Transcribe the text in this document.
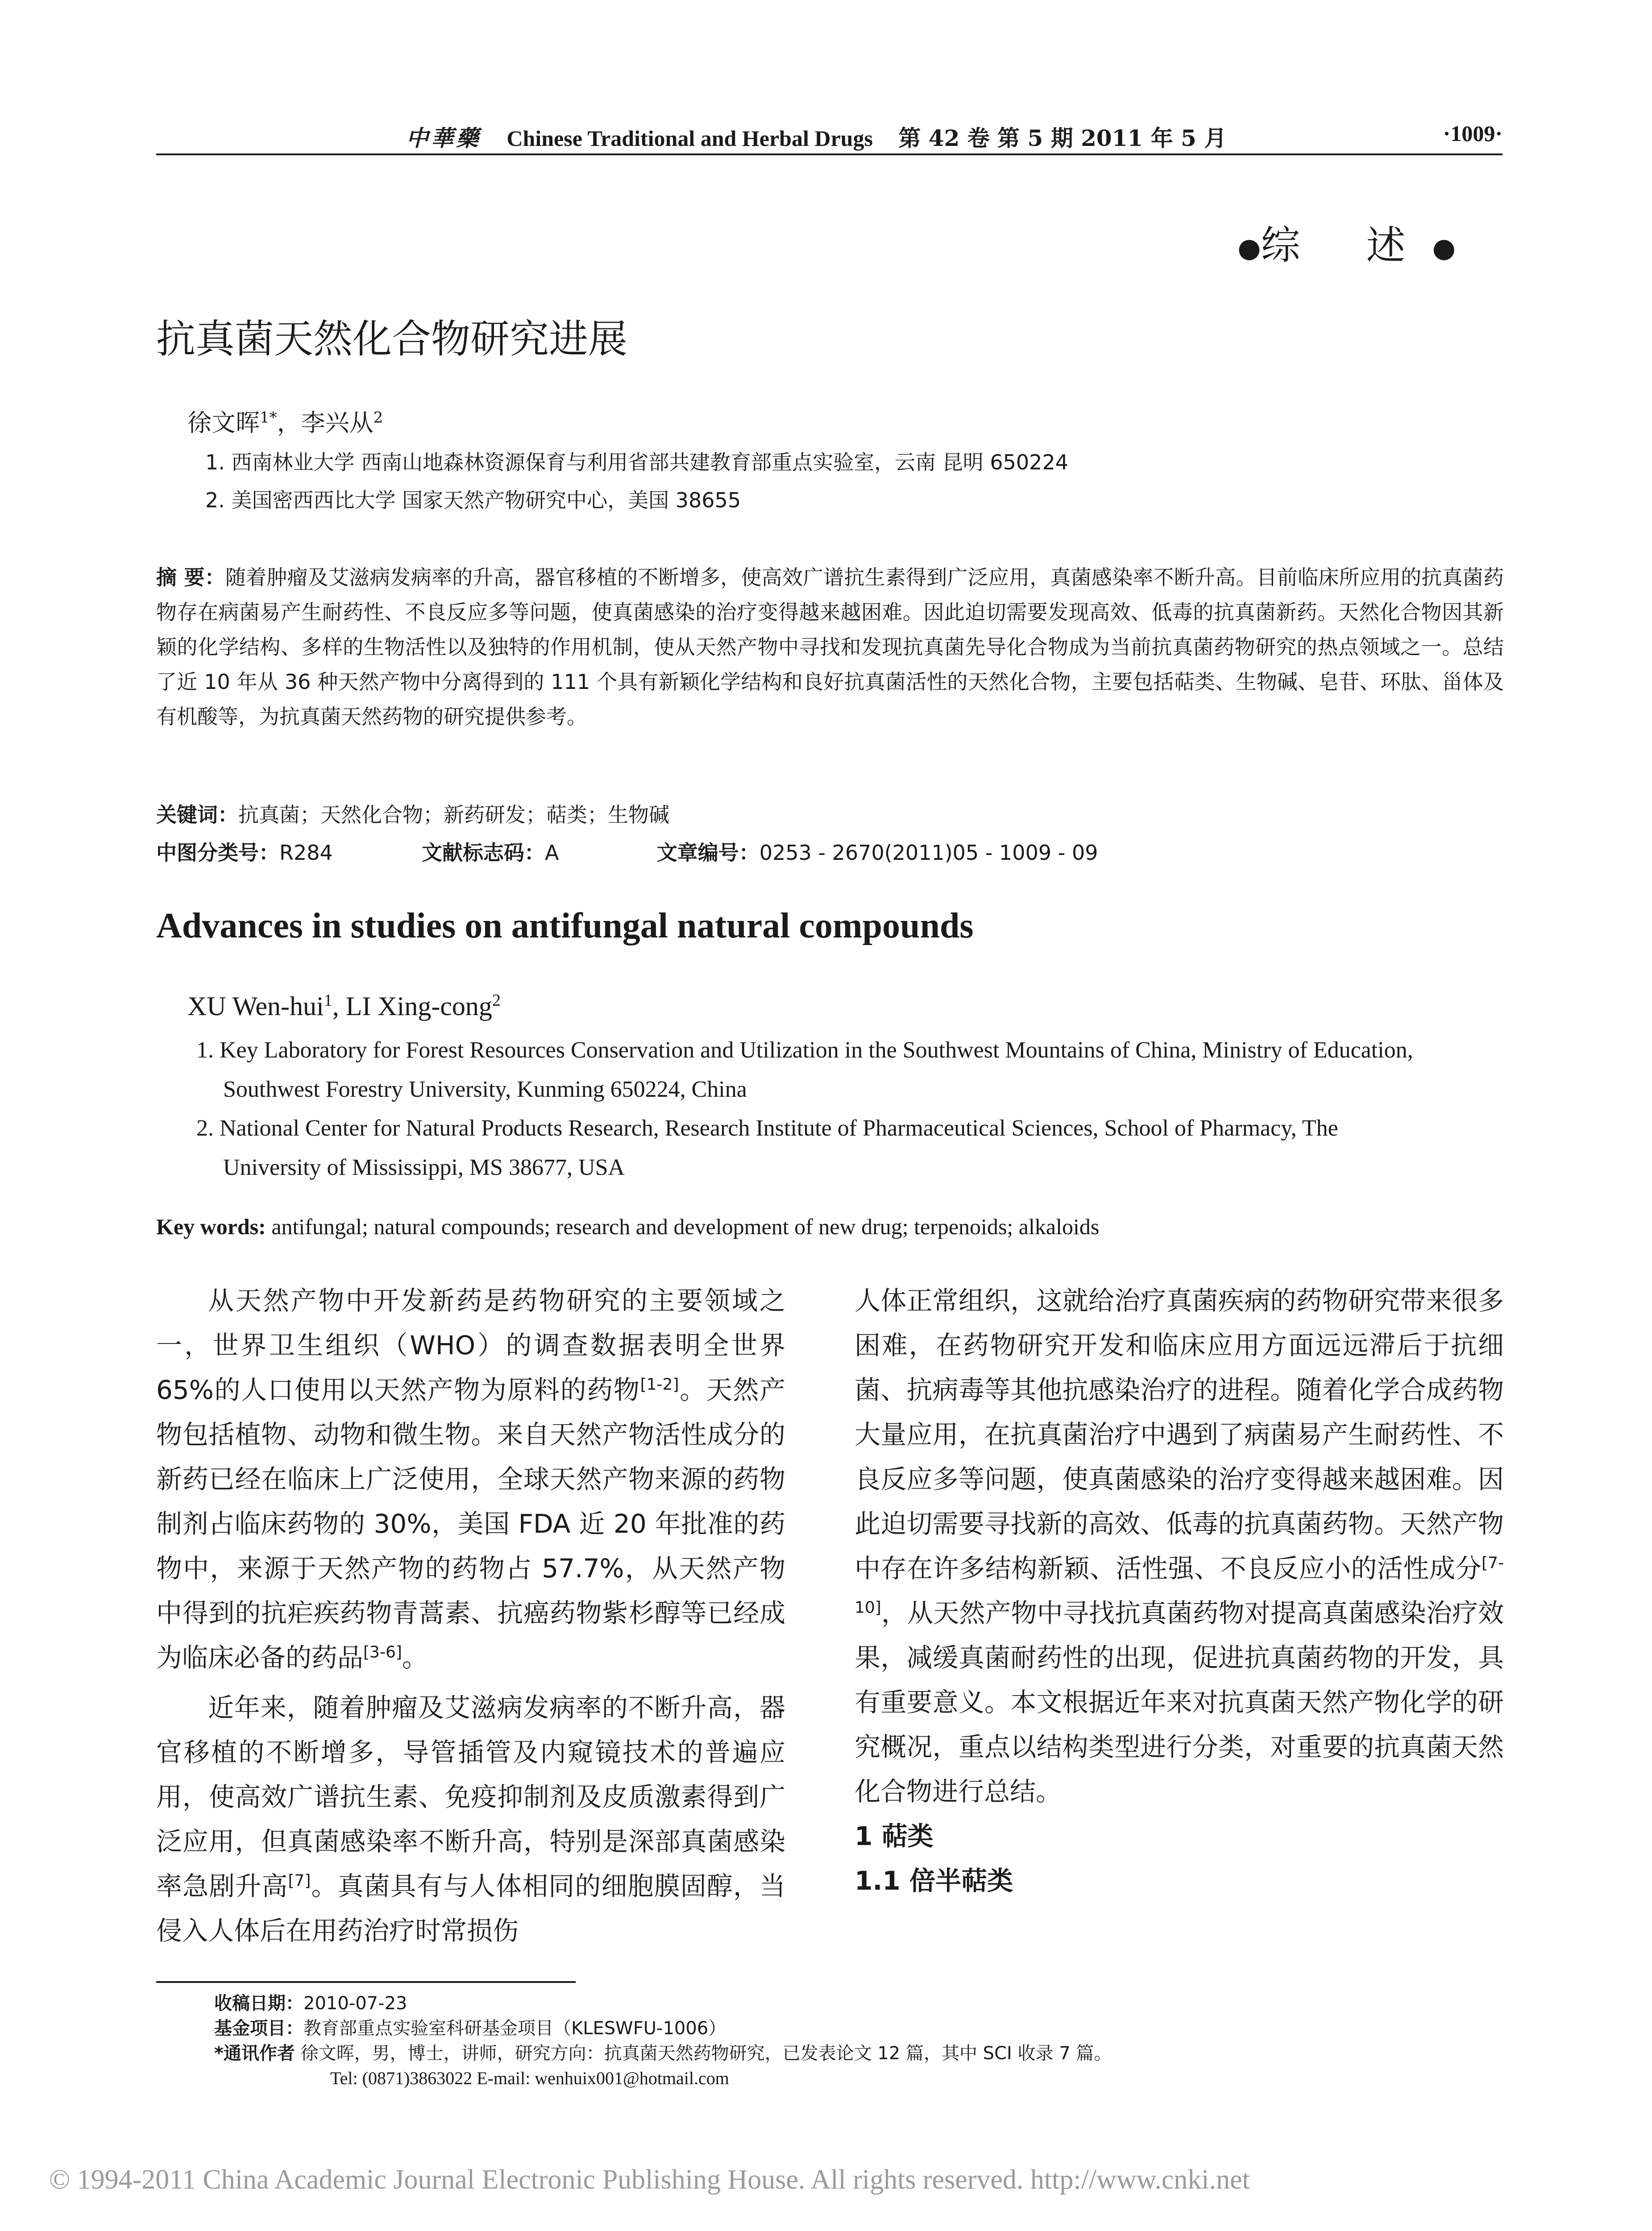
中華藥 Chinese Traditional and Herbal Drugs 第 42 卷 第 5 期 2011 年 5 月	·1009·
●综 述●
抗真菌天然化合物研究进展
徐文晖$^{1*}$，李兴从$^2$
1. 西南林业大学 西南山地森林资源保育与利用省部共建教育部重点实验室，云南 昆明 650224
2. 美国密西西比大学 国家天然产物研究中心，美国 38655
摘 要：随着肿瘤及艾滋病发病率的升高，器官移植的不断增多，使高效广谱抗生素得到广泛应用，真菌感染率不断升高。目前临床所应用的抗真菌药物存在病菌易产生耐药性、不良反应多等问题，使真菌感染的治疗变得越来越困难。因此迫切需要发现高效、低毒的抗真菌新药。天然化合物因其新颖的化学结构、多样的生物活性以及独特的作用机制，使从天然产物中寻找和发现抗真菌先导化合物成为当前抗真菌药物研究的热点领域之一。总结了近 10 年从 36 种天然产物中分离得到的 111 个具有新颖化学结构和良好抗真菌活性的天然化合物，主要包括萜类、生物碱、皂苷、环肽、甾体及有机酸等，为抗真菌天然药物的研究提供参考。
关键词：抗真菌；天然化合物；新药研发；萜类；生物碱
中图分类号：R284	文献标志码：A	文章编号：0253 - 2670(2011)05 - 1009 - 09
Advances in studies on antifungal natural compounds
XU Wen-hui$^1$, LI Xing-cong$^2$
1. Key Laboratory for Forest Resources Conservation and Utilization in the Southwest Mountains of China, Ministry of Education,
Southwest Forestry University, Kunming 650224, China
2. National Center for Natural Products Research, Research Institute of Pharmaceutical Sciences, School of Pharmacy, The
University of Mississippi, MS 38677, USA
Key words: antifungal; natural compounds; research and development of new drug; terpenoids; alkaloids

从天然产物中开发新药是药物研究的主要领域之一，世界卫生组织（WHO）的调查数据表明全世界 65%的人口使用以天然产物为原料的药物[1-2]。天然产物包括植物、动物和微生物。来自天然产物活性成分的新药已经在临床上广泛使用，全球天然产物来源的药物制剂占临床药物的 30%，美国 FDA 近 20 年批准的药物中，来源于天然产物的药物占 57.7%，从天然产物中得到的抗疟疾药物青蒿素、抗癌药物紫杉醇等已经成为临床必备的药品[3-6]。

近年来，随着肿瘤及艾滋病发病率的不断升高，器官移植的不断增多，导管插管及内窥镜技术的普遍应用，使高效广谱抗生素、免疫抑制剂及皮质激素得到广泛应用，但真菌感染率不断升高，特别是深部真菌感染率急剧升高[7]。真菌具有与人体相同的细胞膜固醇，当侵入人体后在用药治疗时常损伤

人体正常组织，这就给治疗真菌疾病的药物研究带来很多困难，在药物研究开发和临床应用方面远远滞后于抗细菌、抗病毒等其他抗感染治疗的进程。随着化学合成药物大量应用，在抗真菌治疗中遇到了病菌易产生耐药性、不良反应多等问题，使真菌感染的治疗变得越来越困难。因此迫切需要寻找新的高效、低毒的抗真菌药物。天然产物中存在许多结构新颖、活性强、不良反应小的活性成分[7-10]，从天然产物中寻找抗真菌药物对提高真菌感染治疗效果，减缓真菌耐药性的出现，促进抗真菌药物的开发，具有重要意义。本文根据近年来对抗真菌天然产物化学的研究概况，重点以结构类型进行分类，对重要的抗真菌天然化合物进行总结。

1 萜类

1.1 倍半萜类

收稿日期：2010-07-23
基金项目：教育部重点实验室科研基金项目（KLESWFU-1006）
*通讯作者 徐文晖，男，博士，讲师，研究方向：抗真菌天然药物研究，已发表论文 12 篇，其中 SCI 收录 7 篇。
Tel: (0871)3863022 E-mail: wenhuix001@hotmail.com
© 1994-2011 China Academic Journal Electronic Publishing House. All rights reserved. http://www.cnki.net
